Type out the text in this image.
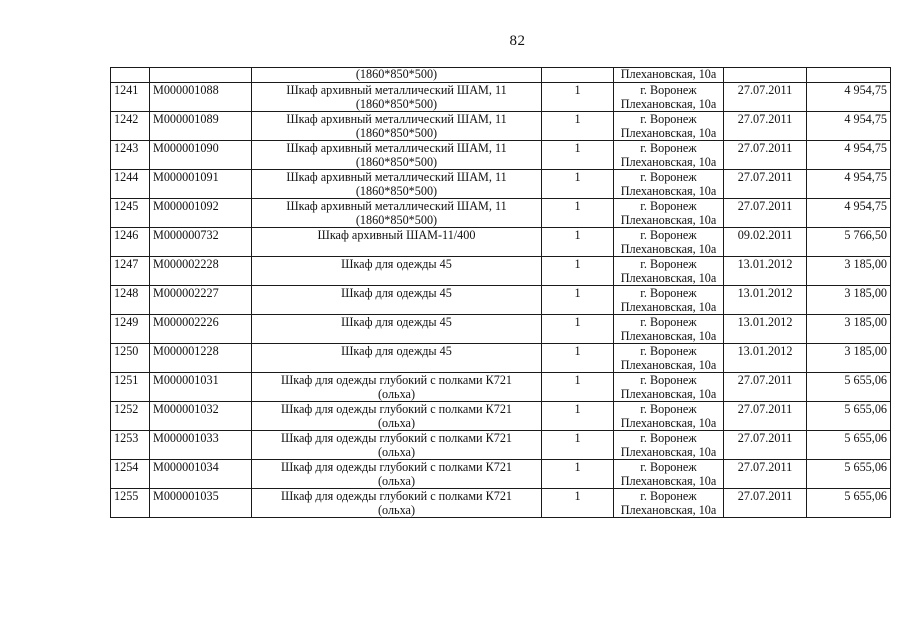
82
		(1860*850*500)		Плехановская, 10а		

1241	М000001088	Шкаф архивный металлический ШАМ, 11
(1860*850*500)	1	г. Воронеж
Плехановская, 10а	27.07.2011	4 954,75

1242	М000001089	Шкаф архивный металлический ШАМ, 11
(1860*850*500)	1	г. Воронеж
Плехановская, 10а	27.07.2011	4 954,75

1243	М000001090	Шкаф архивный металлический ШАМ, 11
(1860*850*500)	1	г. Воронеж
Плехановская, 10а	27.07.2011	4 954,75

1244	М000001091	Шкаф архивный металлический ШАМ, 11
(1860*850*500)	1	г. Воронеж
Плехановская, 10а	27.07.2011	4 954,75

1245	М000001092	Шкаф архивный металлический ШАМ, 11
(1860*850*500)	1	г. Воронеж
Плехановская, 10а	27.07.2011	4 954,75

1246	М000000732	Шкаф архивный ШАМ-11/400	1	г. Воронеж
Плехановская, 10а	09.02.2011	5 766,50

1247	М000002228	Шкаф для одежды 45	1	г. Воронеж
Плехановская, 10а	13.01.2012	3 185,00

1248	М000002227	Шкаф для одежды 45	1	г. Воронеж
Плехановская, 10а	13.01.2012	3 185,00

1249	М000002226	Шкаф для одежды 45	1	г. Воронеж
Плехановская, 10а	13.01.2012	3 185,00

1250	М000001228	Шкаф для одежды 45	1	г. Воронеж
Плехановская, 10а	13.01.2012	3 185,00

1251	М000001031	Шкаф для одежды глубокий с полками К721
(ольха)	1	г. Воронеж
Плехановская, 10а	27.07.2011	5 655,06

1252	М000001032	Шкаф для одежды глубокий с полками К721
(ольха)	1	г. Воронеж
Плехановская, 10а	27.07.2011	5 655,06

1253	М000001033	Шкаф для одежды глубокий с полками К721
(ольха)	1	г. Воронеж
Плехановская, 10а	27.07.2011	5 655,06

1254	М000001034	Шкаф для одежды глубокий с полками К721
(ольха)	1	г. Воронеж
Плехановская, 10а	27.07.2011	5 655,06

1255	М000001035	Шкаф для одежды глубокий с полками К721
(ольха)	1	г. Воронеж
Плехановская, 10а	27.07.2011	5 655,06
